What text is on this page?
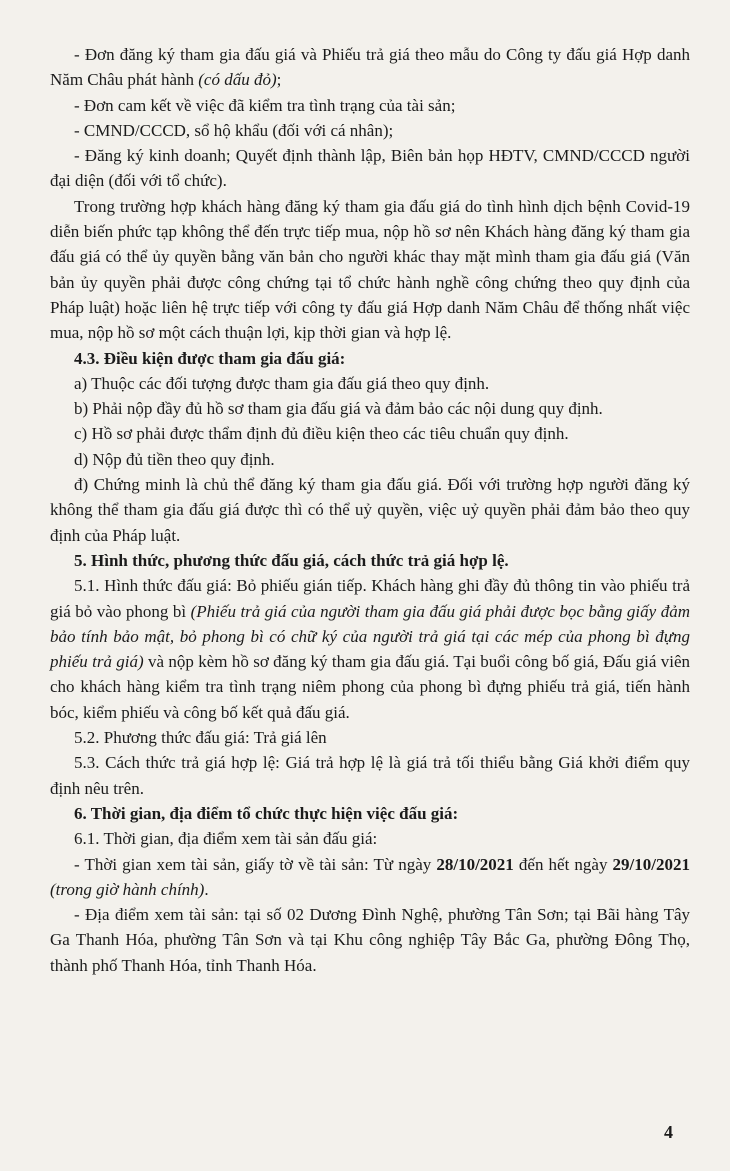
- Đơn đăng ký tham gia đấu giá và Phiếu trả giá theo mẫu do Công ty đấu giá Hợp danh Năm Châu phát hành (có dấu đỏ);

- Đơn cam kết về việc đã kiểm tra tình trạng của tài sản;

- CMND/CCCD, sổ hộ khẩu (đối với cá nhân);

- Đăng ký kinh doanh; Quyết định thành lập, Biên bản họp HĐTV, CMND/CCCD người đại diện (đối với tổ chức).

Trong trường hợp khách hàng đăng ký tham gia đấu giá do tình hình dịch bệnh Covid-19 diễn biến phức tạp không thể đến trực tiếp mua, nộp hồ sơ nên Khách hàng đăng ký tham gia đấu giá có thể ủy quyền bằng văn bản cho người khác thay mặt mình tham gia đấu giá (Văn bản ủy quyền phải được công chứng tại tổ chức hành nghề công chứng theo quy định của Pháp luật) hoặc liên hệ trực tiếp với công ty đấu giá Hợp danh Năm Châu để thống nhất việc mua, nộp hồ sơ một cách thuận lợi, kịp thời gian và hợp lệ.

4.3. Điều kiện được tham gia đấu giá:

a) Thuộc các đối tượng được tham gia đấu giá theo quy định.

b) Phải nộp đầy đủ hồ sơ tham gia đấu giá và đảm bảo các nội dung quy định.

c) Hồ sơ phải được thẩm định đủ điều kiện theo các tiêu chuẩn quy định.

d) Nộp đủ tiền theo quy định.

đ) Chứng minh là chủ thể đăng ký tham gia đấu giá. Đối với trường hợp người đăng ký không thể tham gia đấu giá được thì có thể uỷ quyền, việc uỷ quyền phải đảm bảo theo quy định của Pháp luật.

5. Hình thức, phương thức đấu giá, cách thức trả giá hợp lệ.

5.1. Hình thức đấu giá: Bỏ phiếu gián tiếp. Khách hàng ghi đầy đủ thông tin vào phiếu trả giá bỏ vào phong bì (Phiếu trả giá của người tham gia đấu giá phải được bọc bằng giấy đảm bảo tính bảo mật, bỏ phong bì có chữ ký của người trả giá tại các mép của phong bì đựng phiếu trả giá) và nộp kèm hồ sơ đăng ký tham gia đấu giá. Tại buổi công bố giá, Đấu giá viên cho khách hàng kiểm tra tình trạng niêm phong của phong bì đựng phiếu trả giá, tiến hành bóc, kiểm phiếu và công bố kết quả đấu giá.

5.2. Phương thức đấu giá: Trả giá lên

5.3. Cách thức trả giá hợp lệ: Giá trả hợp lệ là giá trả tối thiểu bằng Giá khởi điểm quy định nêu trên.

6. Thời gian, địa điểm tổ chức thực hiện việc đấu giá:

6.1. Thời gian, địa điểm xem tài sản đấu giá:

- Thời gian xem tài sản, giấy tờ về tài sản: Từ ngày 28/10/2021 đến hết ngày 29/10/2021 (trong giờ hành chính).

- Địa điểm xem tài sản: tại số 02 Dương Đình Nghệ, phường Tân Sơn; tại Bãi hàng Tây Ga Thanh Hóa, phường Tân Sơn và tại Khu công nghiệp Tây Bắc Ga, phường Đông Thọ, thành phố Thanh Hóa, tỉnh Thanh Hóa.

4
